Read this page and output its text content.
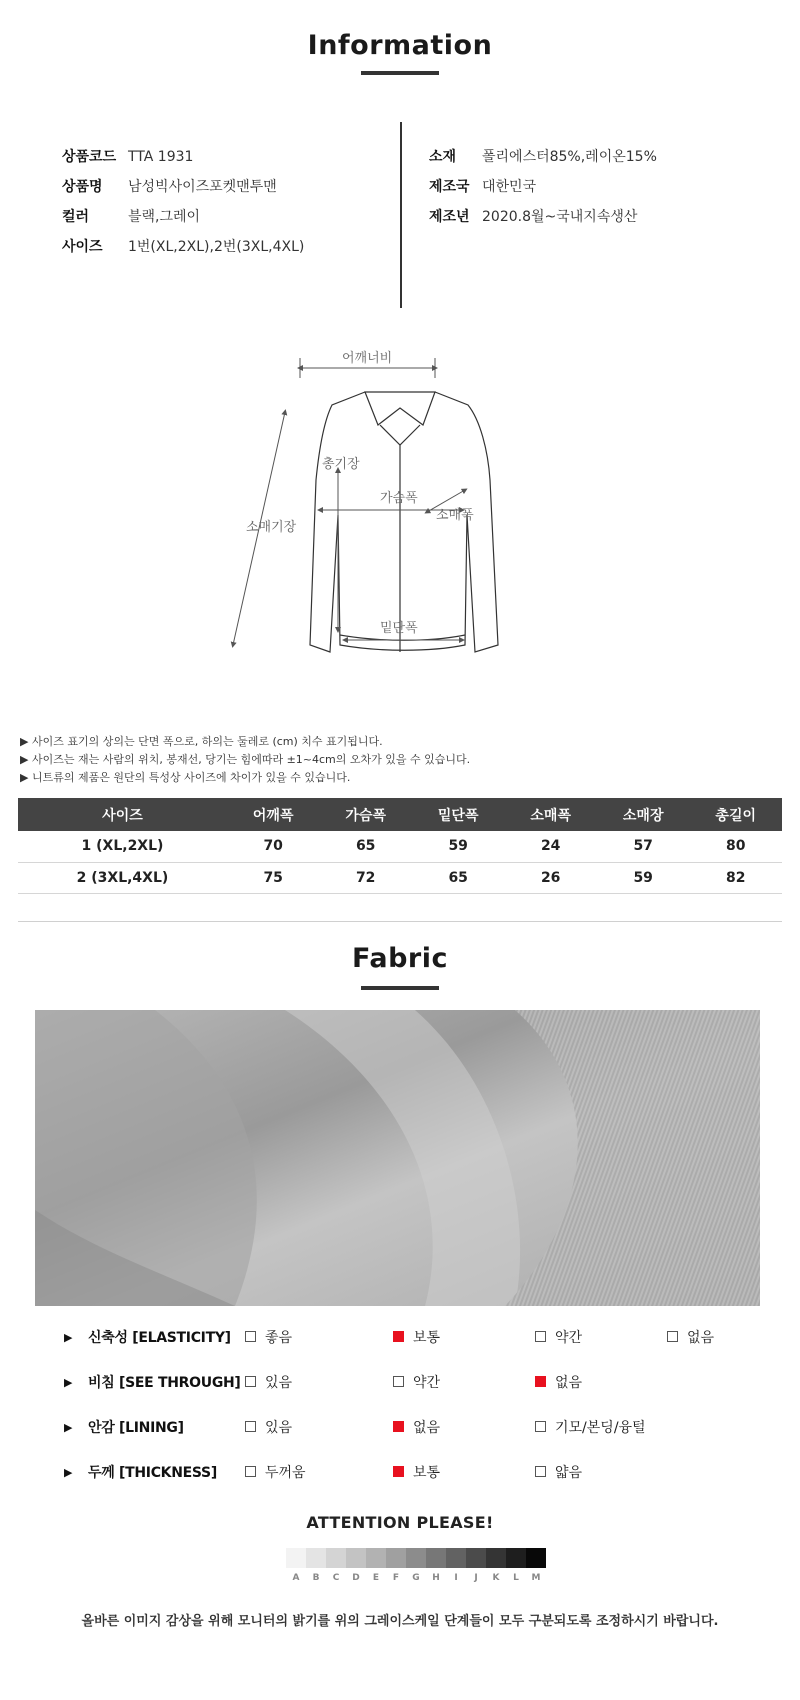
Information
상품코드 TTA 1931
상품명 남성빅사이즈포켓맨투맨
컬러	블랙,그레이
사이즈 1번(XL,2XL),2번(3XL,4XL)
소재 폴리에스터85%,레이온15%
제조국 대한민국
제조년 2020.8월~국내지속생산
어깨너비
총기장
가슴폭
소매폭
소매기장
밑단폭
▶ 사이즈 표기의 상의는 단면 폭으로, 하의는 둘레로 (cm) 치수 표기됩니다.
▶ 사이즈는 재는 사람의 위치, 봉재선, 당기는 힘에따라 ±1~4cm의 오차가 있을 수 있습니다.
▶ 니트류의 제품은 원단의 특성상 사이즈에 차이가 있을 수 있습니다.
사이즈	어깨폭	가슴폭	밑단폭	소매폭	소매장	총길이
1 (XL,2XL)	70	65	59	24	57	80
2 (3XL,4XL)	75	72	65	26	59	82
Fabric
▶ 신축성 [ELASTICITY]	좋음	보통	약간	없음
▶ 비침 [SEE THROUGH]	있음	약간	없음
▶ 안감 [LINING]	있음	없음	기모/본딩/융털
▶ 두께 [THICKNESS]	두꺼움	보통	얇음
ATTENTION PLEASE!
A	B	C	D	E	F	G	H	I	J	K	L	M
올바른 이미지 감상을 위해 모니터의 밝기를 위의 그레이스케일 단계들이 모두 구분되도록 조정하시기 바랍니다.
